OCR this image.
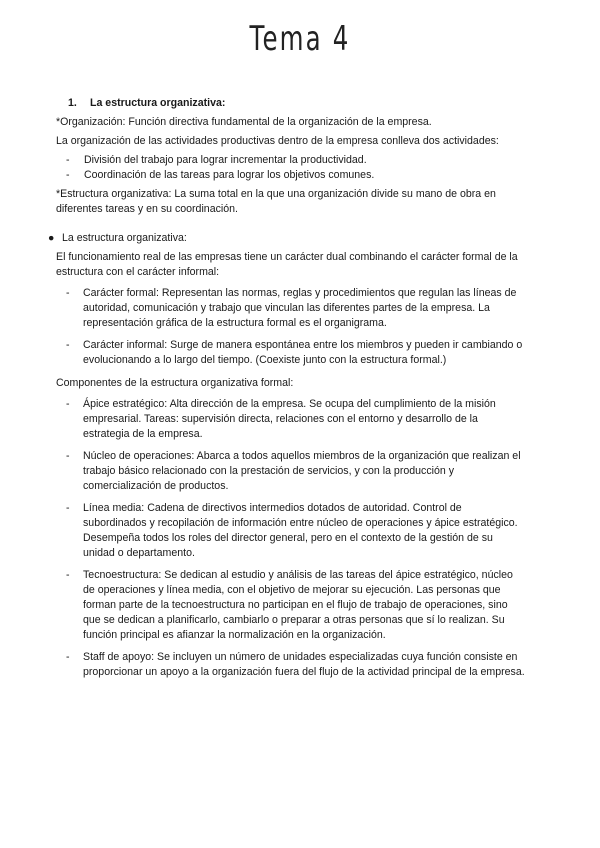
Tema 4
1.	La estructura organizativa:

*Organización: Función directiva fundamental de la organización de la empresa.

La organización de las actividades productivas dentro de la empresa conlleva dos actividades:

- División del trabajo para lograr incrementar la productividad.
- Coordinación de las tareas para lograr los objetivos comunes.

*Estructura organizativa: La suma total en la que una organización divide su mano de obra en diferentes tareas y en su coordinación.

● La estructura organizativa:

El funcionamiento real de las empresas tiene un carácter dual combinando el carácter formal de la estructura con el carácter informal:

- Carácter formal: Representan las normas, reglas y procedimientos que regulan las líneas de autoridad, comunicación y trabajo que vinculan las diferentes partes de la empresa. La representación gráfica de la estructura formal es el organigrama.
- Carácter informal: Surge de manera espontánea entre los miembros y pueden ir cambiando o evolucionando a lo largo del tiempo. (Coexiste junto con la estructura formal.)

Componentes de la estructura organizativa formal:

- Ápice estratégico: Alta dirección de la empresa. Se ocupa del cumplimiento de la misión empresarial. Tareas: supervisión directa, relaciones con el entorno y desarrollo de la estrategia de la empresa.
- Núcleo de operaciones: Abarca a todos aquellos miembros de la organización que realizan el trabajo básico relacionado con la prestación de servicios, y con la producción y comercialización de productos.
- Línea media: Cadena de directivos intermedios dotados de autoridad. Control de subordinados y recopilación de información entre núcleo de operaciones y ápice estratégico. Desempeña todos los roles del director general, pero en el contexto de la gestión de su unidad o departamento.
- Tecnoestructura: Se dedican al estudio y análisis de las tareas del ápice estratégico, núcleo de operaciones y línea media, con el objetivo de mejorar su ejecución. Las personas que forman parte de la tecnoestructura no participan en el flujo de trabajo de operaciones, sino que se dedican a planificarlo, cambiarlo o preparar a otras personas que sí lo realizan. Su función principal es afianzar la normalización en la organización.
- Staff de apoyo: Se incluyen un número de unidades especializadas cuya función consiste en proporcionar un apoyo a la organización fuera del flujo de la actividad principal de la empresa.
